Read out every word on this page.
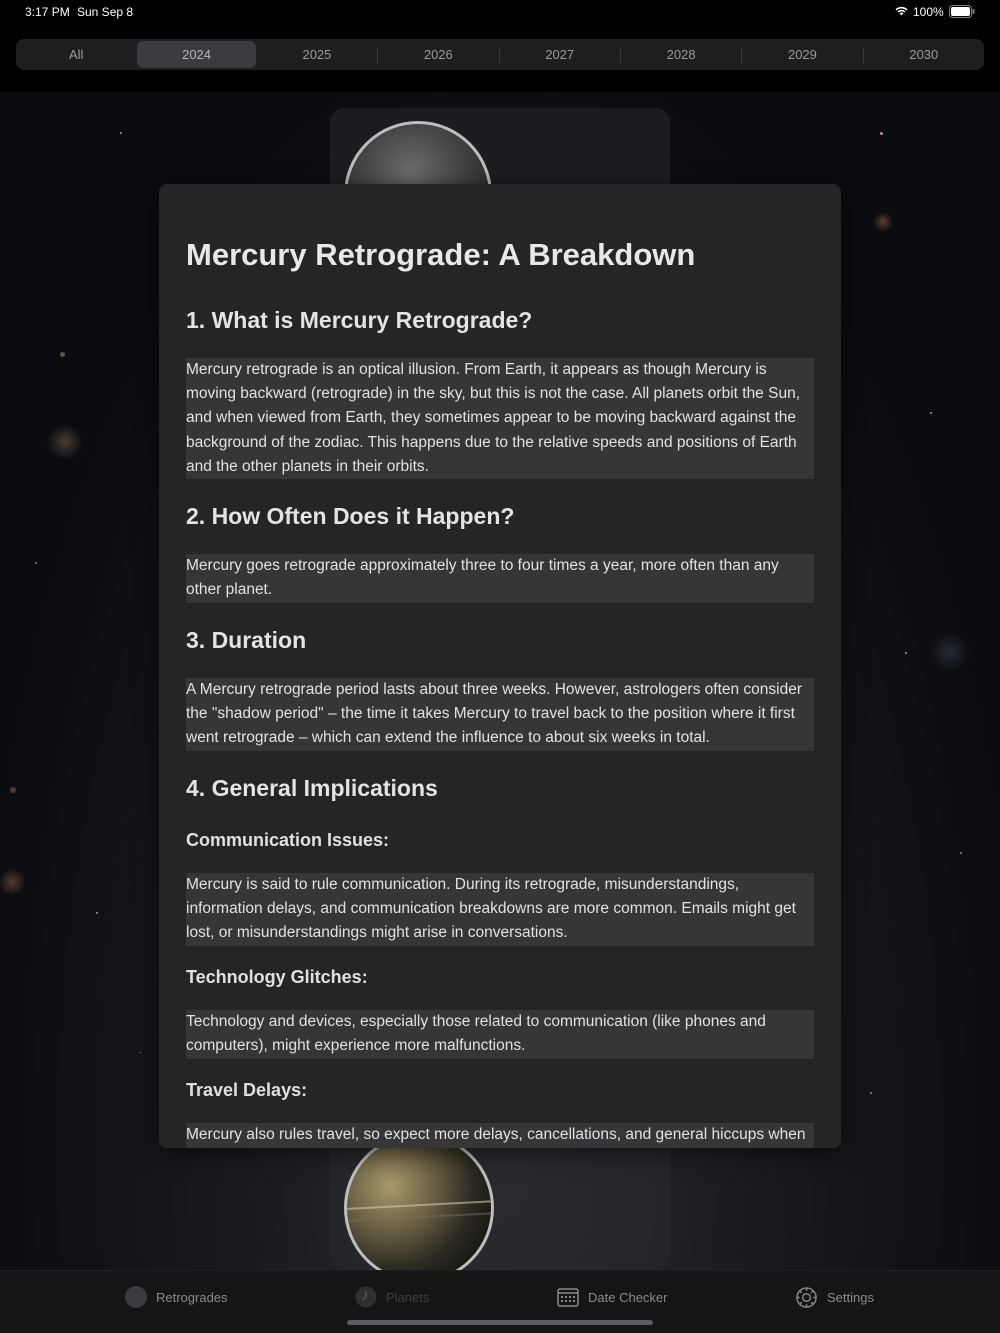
3:17 PM Sun Sep 8	100%
All	2024	2025	2026	2027	2028	2029	2030
Mercury Retrograde: A Breakdown
1. What is Mercury Retrograde?

Mercury retrograde is an optical illusion. From Earth, it appears as though Mercury is moving backward (retrograde) in the sky, but this is not the case. All planets orbit the Sun, and when viewed from Earth, they sometimes appear to be moving backward against the background of the zodiac. This happens due to the relative speeds and positions of Earth and the other planets in their orbits.

2. How Often Does it Happen?

Mercury goes retrograde approximately three to four times a year, more often than any other planet.

3. Duration

A Mercury retrograde period lasts about three weeks. However, astrologers often consider the "shadow period" – the time it takes Mercury to travel back to the position where it first went retrograde – which can extend the influence to about six weeks in total.

4. General Implications
Communication Issues:

Mercury is said to rule communication. During its retrograde, misunderstandings, information delays, and communication breakdowns are more common. Emails might get lost, or misunderstandings might arise in conversations.

Technology Glitches:

Technology and devices, especially those related to communication (like phones and computers), might experience more malfunctions.

Travel Delays:

Mercury also rules travel, so expect more delays, cancellations, and general hiccups when

Retrogrades	Planets	Date Checker	Settings
